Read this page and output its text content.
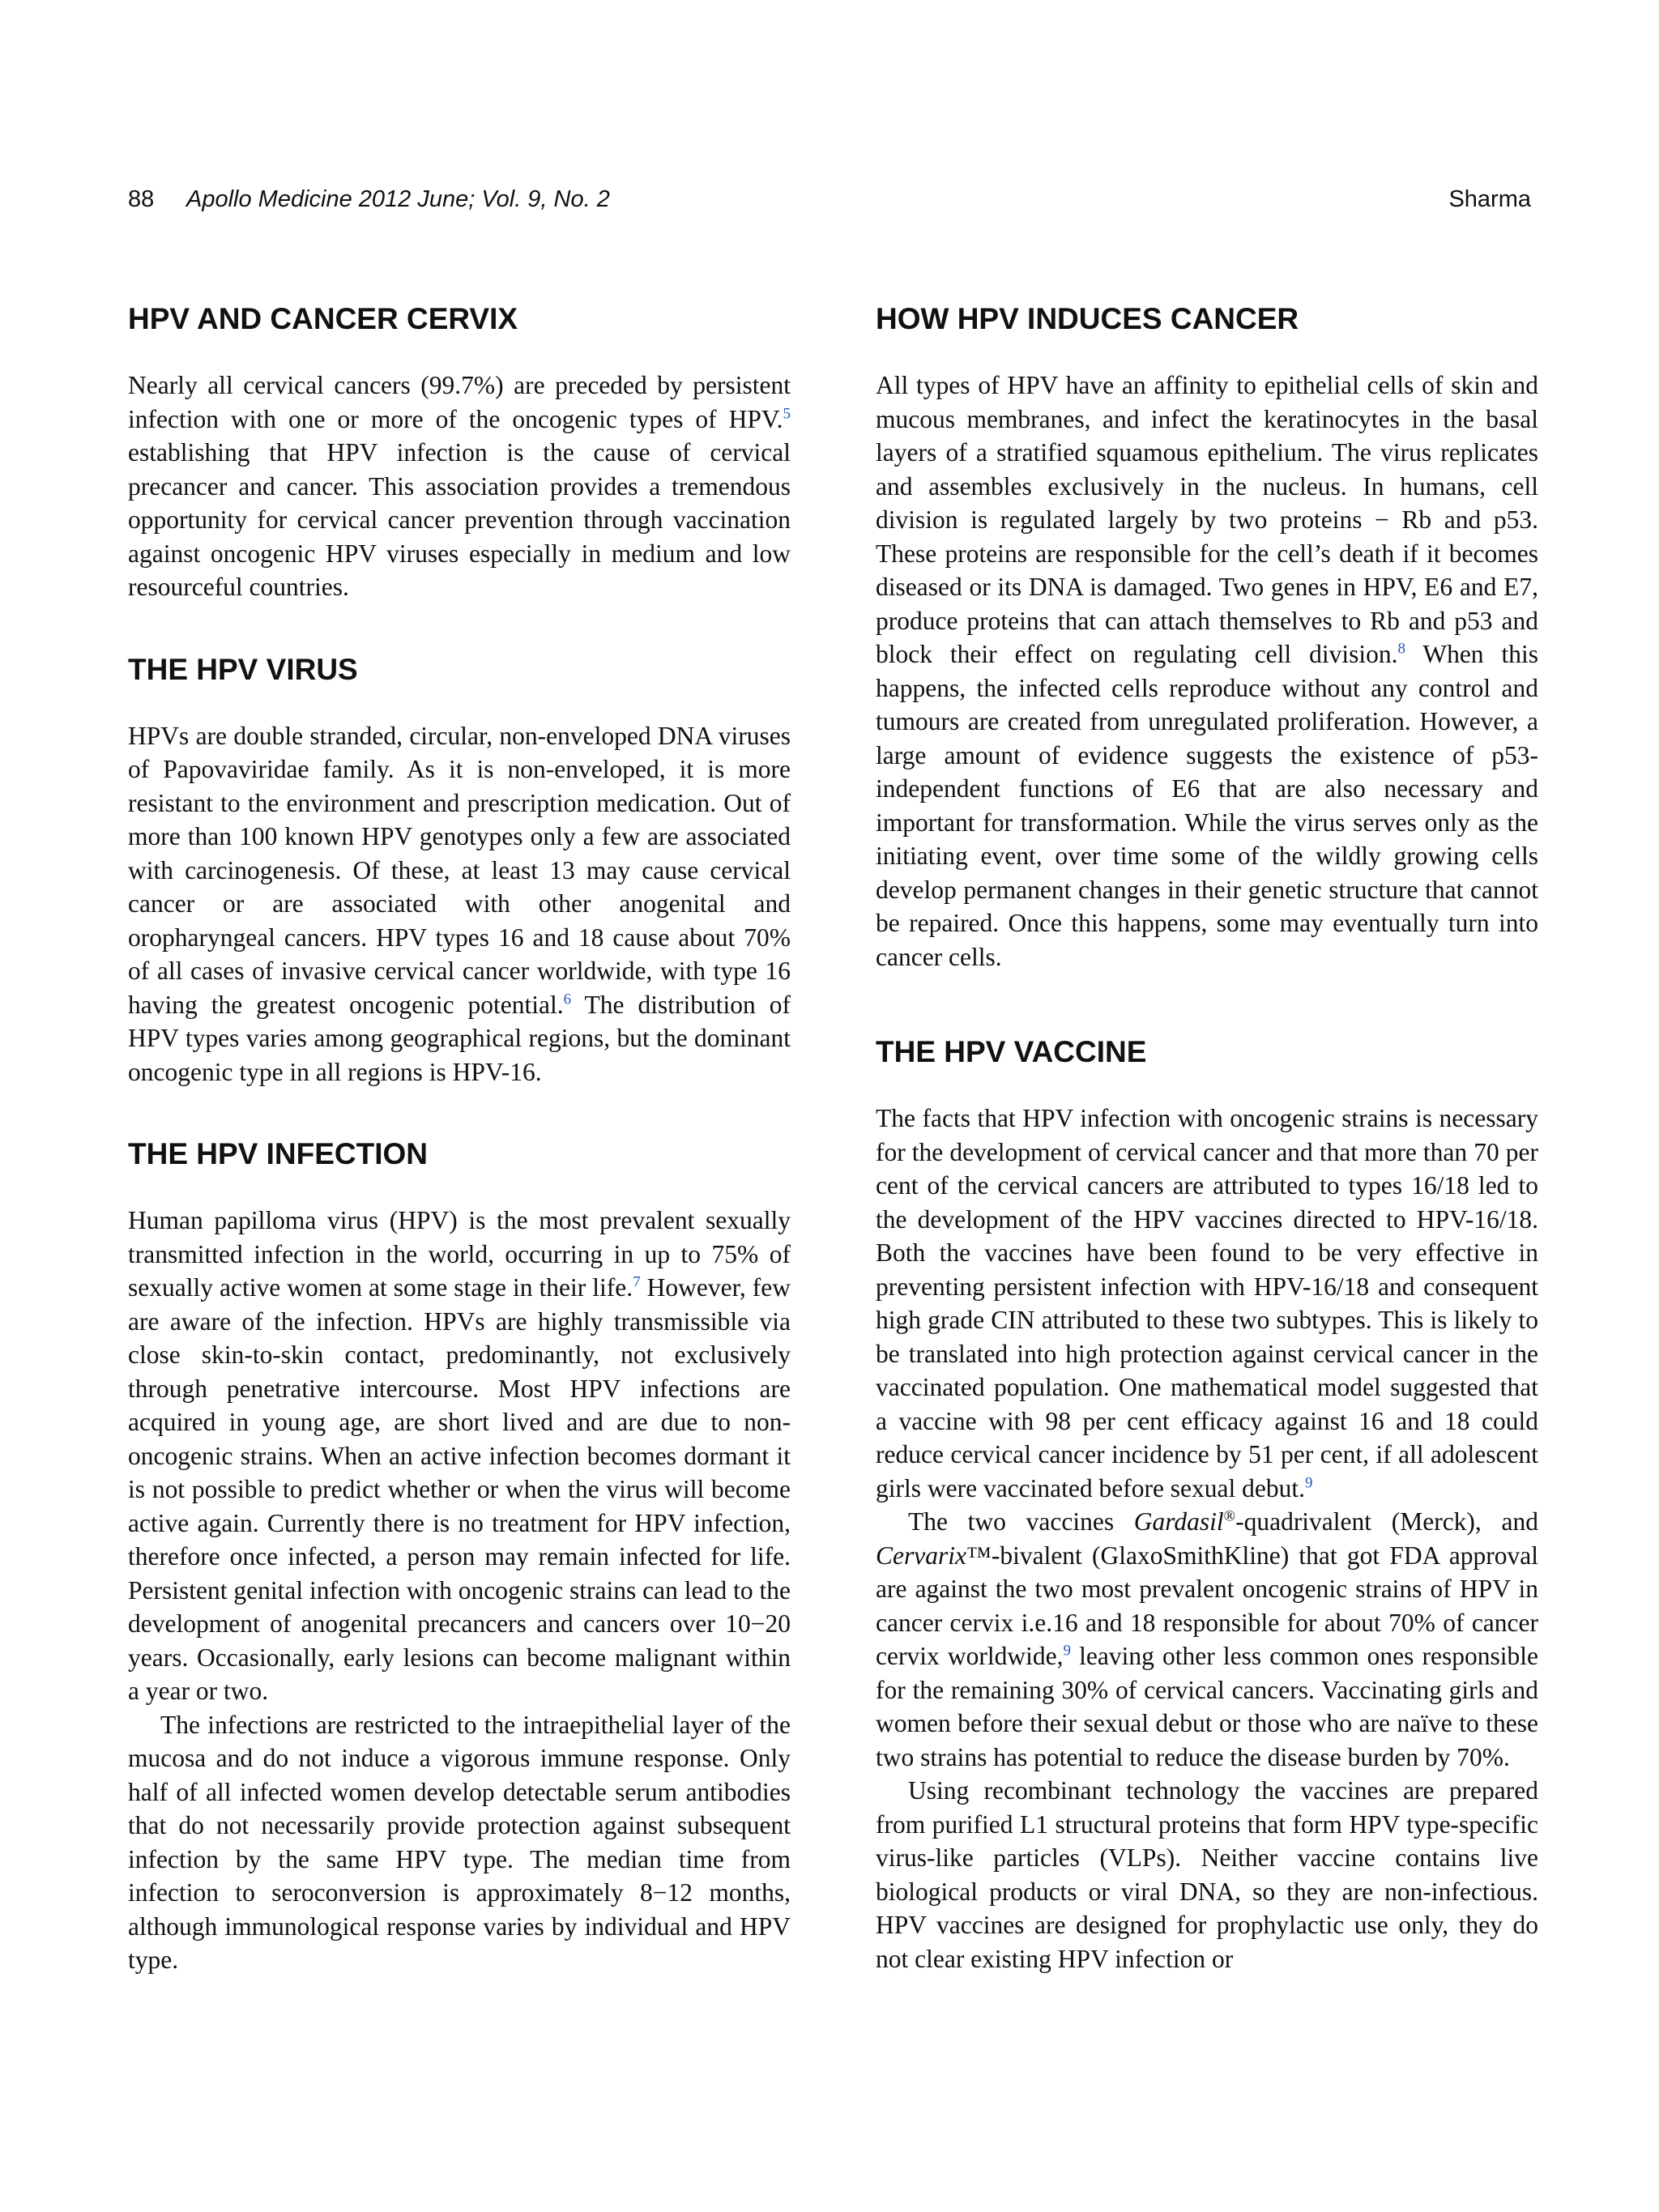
88 Apollo Medicine 2012 June; Vol. 9, No. 2	Sharma
HPV AND CANCER CERVIX

Nearly all cervical cancers (99.7%) are preceded by persistent infection with one or more of the oncogenic types of HPV.$^5$ establishing that HPV infection is the cause of cervical precancer and cancer. This association provides a tremendous opportunity for cervical cancer prevention through vaccination against oncogenic HPV viruses especially in medium and low resourceful countries.

THE HPV VIRUS

HPVs are double stranded, circular, non-enveloped DNA viruses of Papovaviridae family. As it is non-enveloped, it is more resistant to the environment and prescription medication. Out of more than 100 known HPV genotypes only a few are associated with carcinogenesis. Of these, at least 13 may cause cervical cancer or are associated with other anogenital and oropharyngeal cancers. HPV types 16 and 18 cause about 70% of all cases of invasive cervical cancer worldwide, with type 16 having the greatest oncogenic potential.$^6$ The distribution of HPV types varies among geographical regions, but the dominant oncogenic type in all regions is HPV-16.

THE HPV INFECTION

Human papilloma virus (HPV) is the most prevalent sexually transmitted infection in the world, occurring in up to 75% of sexually active women at some stage in their life.$^7$ However, few are aware of the infection. HPVs are highly transmissible via close skin-to-skin contact, predominantly, not exclusively through penetrative intercourse. Most HPV infections are acquired in young age, are short lived and are due to non-oncogenic strains. When an active infection becomes dormant it is not possible to predict whether or when the virus will become active again. Currently there is no treatment for HPV infection, therefore once infected, a person may remain infected for life. Persistent genital infection with oncogenic strains can lead to the development of anogenital precancers and cancers over 10−20 years. Occasionally, early lesions can become malignant within a year or two.

The infections are restricted to the intraepithelial layer of the mucosa and do not induce a vigorous immune response. Only half of all infected women develop detectable serum antibodies that do not necessarily provide protection against subsequent infection by the same HPV type. The median time from infection to seroconversion is approximately 8−12 months, although immunological response varies by individual and HPV type.

HOW HPV INDUCES CANCER

All types of HPV have an affinity to epithelial cells of skin and mucous membranes, and infect the keratinocytes in the basal layers of a stratified squamous epithelium. The virus replicates and assembles exclusively in the nucleus. In humans, cell division is regulated largely by two proteins − Rb and p53. These proteins are responsible for the cell’s death if it becomes diseased or its DNA is damaged. Two genes in HPV, E6 and E7, produce proteins that can attach themselves to Rb and p53 and block their effect on regulating cell division.$^8$ When this happens, the infected cells reproduce without any control and tumours are created from unregulated proliferation. However, a large amount of evidence suggests the existence of p53-independent functions of E6 that are also necessary and important for transformation. While the virus serves only as the initiating event, over time some of the wildly growing cells develop permanent changes in their genetic structure that cannot be repaired. Once this happens, some may eventually turn into cancer cells.

THE HPV VACCINE

The facts that HPV infection with oncogenic strains is necessary for the development of cervical cancer and that more than 70 per cent of the cervical cancers are attributed to types 16/18 led to the development of the HPV vaccines directed to HPV-16/18. Both the vaccines have been found to be very effective in preventing persistent infection with HPV-16/18 and consequent high grade CIN attributed to these two subtypes. This is likely to be translated into high protection against cervical cancer in the vaccinated population. One mathematical model suggested that a vaccine with 98 per cent efficacy against 16 and 18 could reduce cervical cancer incidence by 51 per cent, if all adolescent girls were vaccinated before sexual debut.$^9$

The two vaccines Gardasil®-quadrivalent (Merck), and Cervarix™-bivalent (GlaxoSmithKline) that got FDA approval are against the two most prevalent oncogenic strains of HPV in cancer cervix i.e.16 and 18 responsible for about 70% of cancer cervix worldwide,$^9$ leaving other less common ones responsible for the remaining 30% of cervical cancers. Vaccinating girls and women before their sexual debut or those who are naïve to these two strains has potential to reduce the disease burden by 70%.

Using recombinant technology the vaccines are prepared from purified L1 structural proteins that form HPV type-specific virus-like particles (VLPs). Neither vaccine contains live biological products or viral DNA, so they are non-infectious. HPV vaccines are designed for prophylactic use only, they do not clear existing HPV infection or
